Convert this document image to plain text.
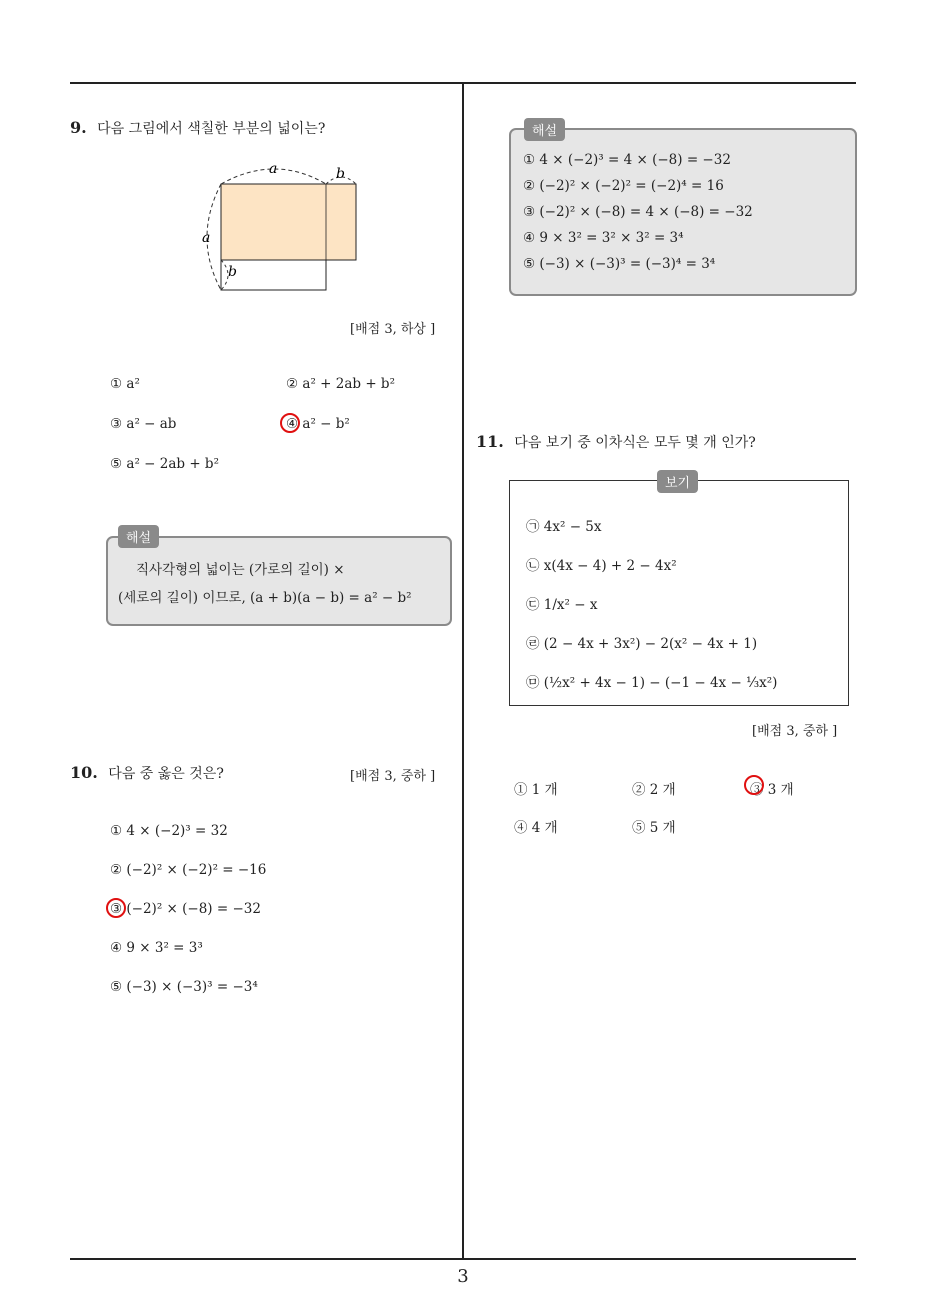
9. 다음 그림에서 색칠한 부분의 넓이는?
a	b
a
b
[배점 3, 하상 ]
① a²	② a² + 2ab + b²
③ a² − ab	④ a² − b²
⑤ a² − 2ab + b²
직사각형의 넓이는 (가로의 길이) ×
(세로의 길이) 이므로, (a + b)(a − b) = a² − b²
해설
10. 다음 중 옳은 것은?	[배점 3, 중하 ]
① 4 × (−2)³ = 32
② (−2)² × (−2)² = −16
③ (−2)² × (−8) = −32
④ 9 × 3² = 3³
⑤ (−3) × (−3)³ = −3⁴
① 4 × (−2)³ = 4 × (−8) = −32
② (−2)² × (−2)² = (−2)⁴ = 16
③ (−2)² × (−8) = 4 × (−8) = −32
④ 9 × 3² = 3² × 3² = 3⁴
⑤ (−3) × (−3)³ = (−3)⁴ = 3⁴
해설
11. 다음 보기 중 이차식은 모두 몇 개 인가?
㉠ 4x² − 5x
㉡ x(4x − 4) + 2 − 4x²
㉢ 1/x² − x
㉣ (2 − 4x + 3x²) − 2(x² − 4x + 1)
㉤ (½x² + 4x − 1) − (−1 − 4x − ⅓x²)
보기
[배점 3, 중하 ]
① 1 개	② 2 개	③ 3 개
④ 4 개	⑤ 5 개
3
